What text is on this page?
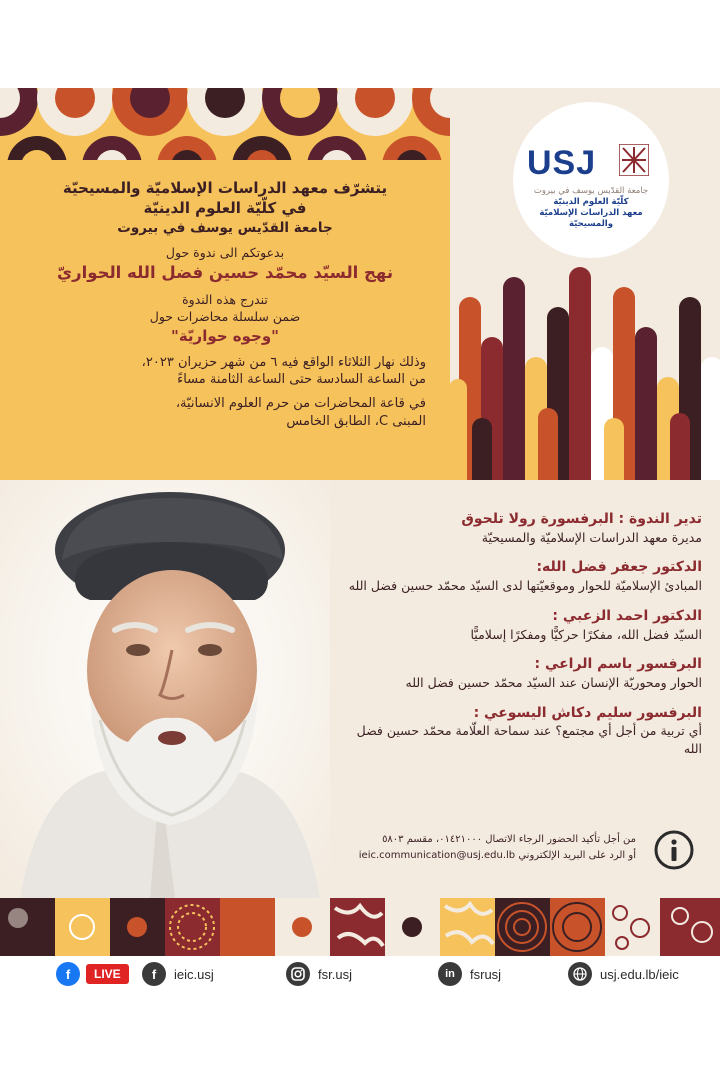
يتشرّف معهد الدراسات الإسلاميّة والمسيحيّة
في كلّيّة العلوم الدينيّة
جامعة القدّيس يوسف في بيروت
بدعوتكم الى ندوة حول
نهج السيّد محمّد حسين فضل الله الحواريّ
تندرج هذه الندوة
ضمن سلسلة محاضرات حول
"وجوه حواريّة"
وذلك نهار الثلاثاء الواقع فيه ٦ من شهر حزيران ٢٠٢٣،
من الساعة السادسة حتى الساعة الثامنة مساءً
في قاعة المحاضرات من حرم العلوم الانسانيّة،
المبنى C، الطابق الخامس
USJ
جامعة القدّيس يوسف في بيروت
كلّيّة العلوم الدينيّة
معهد الدراسات الإسلاميّة والمسيحيّة
تدير الندوة : البرفسورة رولا تلحوق
مديرة معهد الدراسات الإسلاميّة والمسيحيّة
الدكتور جعفر فضل الله:
المبادئ الإسلاميّة للحوار وموقعيّتها لدى السيّد محمّد حسين فضل الله
الدكتور احمد الزعبي :
السيّد فضل الله، مفكرًا حركيًّا ومفكرًا إسلاميًّا
البرفسور باسم الراعي :
الحوار ومحوريّة الإنسان عند السيّد محمّد حسين فضل الله
البرفسور سليم دكاش اليسوعي :
أي تربية من أجل أي مجتمع؟ عند سماحة العلّامة محمّد حسين فضل الله
من أجل تأكيد الحضور الرجاء الاتصال ٠١٤٢١٠٠٠، مقسم ٥٨٠٣
أو الرد على البريد الإلكتروني ieic.communication@usj.edu.lb
f	LIVE	f	ieic.usj	fsr.usj	in	fsrusj	usj.edu.lb/ieic
